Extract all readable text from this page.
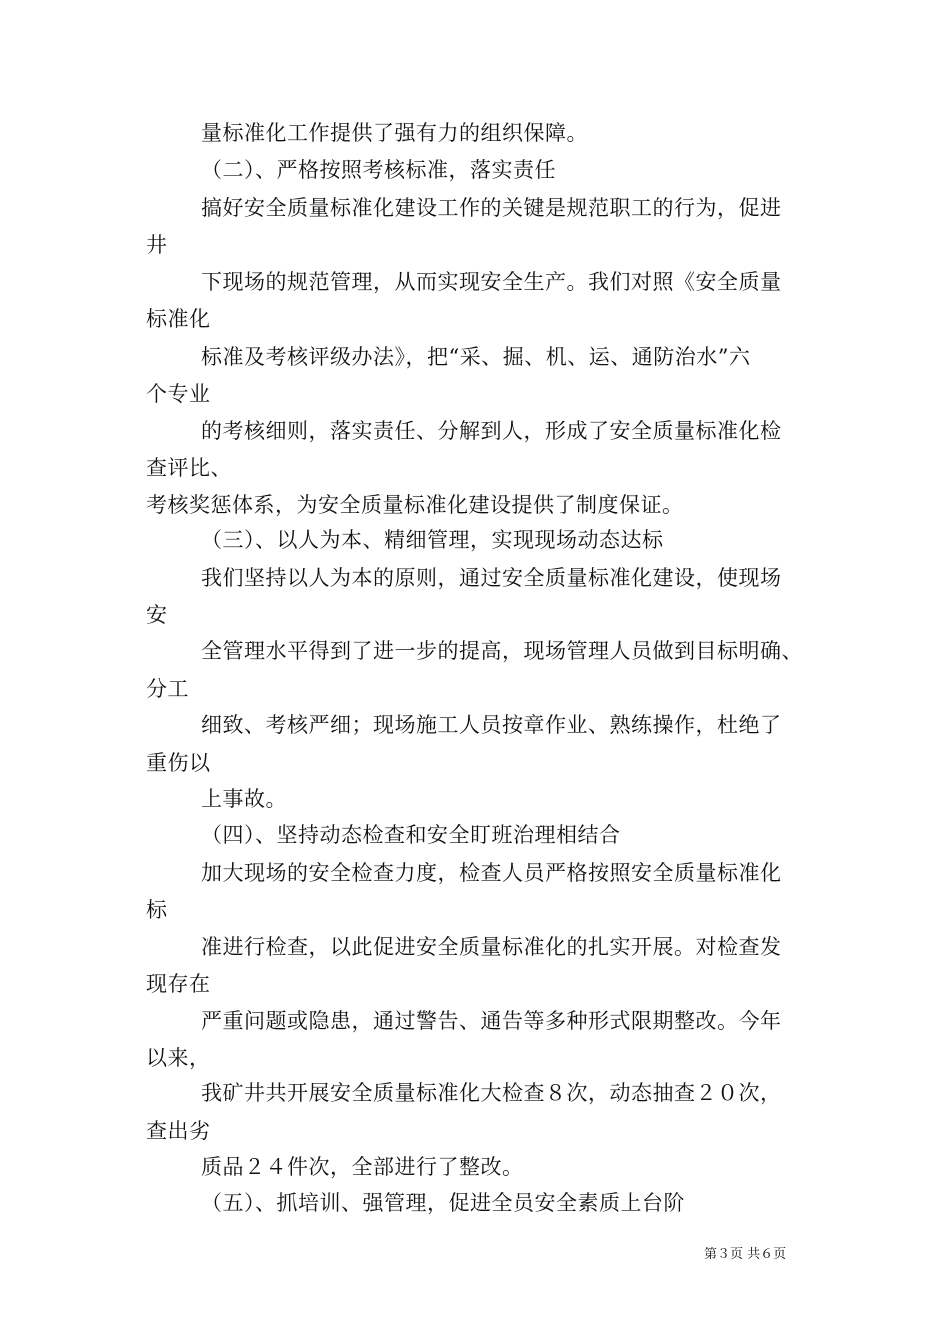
量标准化工作提供了强有力的组织保障。
（二）、严格按照考核标准，落实责任
搞好安全质量标准化建设工作的关键是规范职工的行为，促进
井
下现场的规范管理，从而实现安全生产。我们对照《安全质量
标准化
标准及考核评级办法》，把“采、掘、机、运、通防治水”六
个专业
的考核细则，落实责任、分解到人，形成了安全质量标准化检
查评比、
考核奖惩体系，为安全质量标准化建设提供了制度保证。
（三）、以人为本、精细管理，实现现场动态达标
我们坚持以人为本的原则，通过安全质量标准化建设，使现场
安
全管理水平得到了进一步的提高，现场管理人员做到目标明确、
分工
细致、考核严细；现场施工人员按章作业、熟练操作，杜绝了
重伤以
上事故。
（四）、坚持动态检查和安全盯班治理相结合
加大现场的安全检查力度，检查人员严格按照安全质量标准化
标
准进行检查，以此促进安全质量标准化的扎实开展。对检查发
现存在
严重问题或隐患，通过警告、通告等多种形式限期整改。今年
以来，
我矿井共开展安全质量标准化大检查８次，动态抽查２０次，
查出劣
质品２４件次，全部进行了整改。
（五）、抓培训、强管理，促进全员安全素质上台阶
第３页 共６页
